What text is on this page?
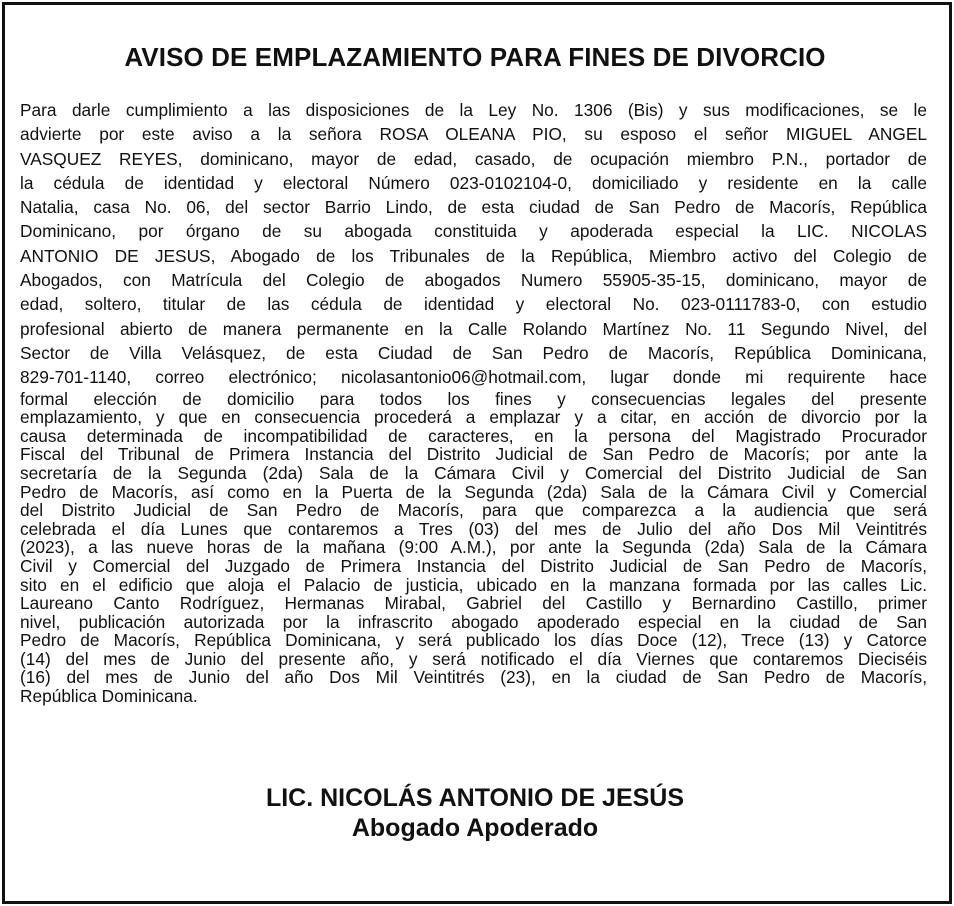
AVISO DE EMPLAZAMIENTO PARA FINES DE DIVORCIO
Para darle cumplimiento a las disposiciones de la Ley No. 1306 (Bis) y sus modificaciones, se le
advierte por este aviso a la señora ROSA OLEANA PIO, su esposo el señor MIGUEL ANGEL
VASQUEZ REYES, dominicano, mayor de edad, casado, de ocupación miembro P.N., portador de
la cédula de identidad y electoral Número 023-0102104-0, domiciliado y residente en la calle
Natalia, casa No. 06, del sector Barrio Lindo, de esta ciudad de San Pedro de Macorís, República
Dominicano, por órgano de su abogada constituida y apoderada especial la LIC. NICOLAS
ANTONIO DE JESUS, Abogado de los Tribunales de la República, Miembro activo del Colegio de
Abogados, con Matrícula del Colegio de abogados Numero 55905-35-15, dominicano, mayor de
edad, soltero, titular de las cédula de identidad y electoral No. 023-0111783-0, con estudio
profesional abierto de manera permanente en la Calle Rolando Martínez No. 11 Segundo Nivel, del
Sector de Villa Velásquez, de esta Ciudad de San Pedro de Macorís, República Dominicana,
829-701-1140, correo electrónico; nicolasantonio06@hotmail.com, lugar donde mi requirente hace
formal elección de domicilio para todos los fines y consecuencias legales del presente
emplazamiento, y que en consecuencia procederá a emplazar y a citar, en acción de divorcio por la
causa determinada de incompatibilidad de caracteres, en la persona del Magistrado Procurador
Fiscal del Tribunal de Primera Instancia del Distrito Judicial de San Pedro de Macorís; por ante la
secretaría de la Segunda (2da) Sala de la Cámara Civil y Comercial del Distrito Judicial de San
Pedro de Macorís, así como en la Puerta de la Segunda (2da) Sala de la Cámara Civil y Comercial
del Distrito Judicial de San Pedro de Macorís, para que comparezca a la audiencia que será
celebrada el día Lunes que contaremos a Tres (03) del mes de Julio del año Dos Mil Veintitrés
(2023), a las nueve horas de la mañana (9:00 A.M.), por ante la Segunda (2da) Sala de la Cámara
Civil y Comercial del Juzgado de Primera Instancia del Distrito Judicial de San Pedro de Macorís,
sito en el edificio que aloja el Palacio de justicia, ubicado en la manzana formada por las calles Lic.
Laureano Canto Rodríguez, Hermanas Mirabal, Gabriel del Castillo y Bernardino Castillo, primer
nivel, publicación autorizada por la infrascrito abogado apoderado especial en la ciudad de San
Pedro de Macorís, República Dominicana, y será publicado los días Doce (12), Trece (13) y Catorce
(14) del mes de Junio del presente año, y será notificado el día Viernes que contaremos Dieciséis
(16) del mes de Junio del año Dos Mil Veintitrés (23), en la ciudad de San Pedro de Macorís,
República Dominicana.
LIC. NICOLÁS ANTONIO DE JESÚS
Abogado Apoderado
